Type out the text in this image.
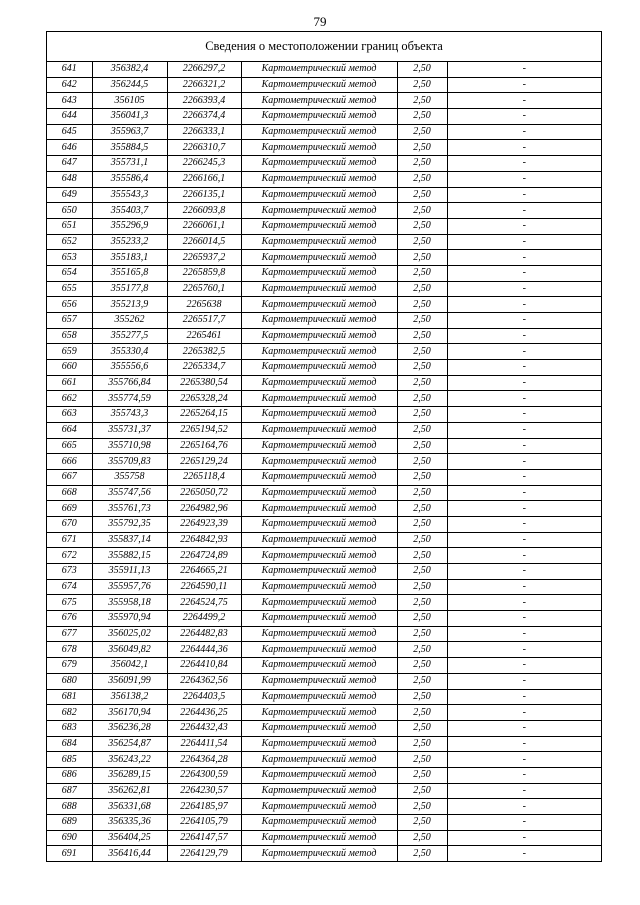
79
Сведения о местоположении границ объекта
641	356382,4	2266297,2	Картометрический метод	2,50	-
642	356244,5	2266321,2	Картометрический метод	2,50	-
643	356105	2266393,4	Картометрический метод	2,50	-
644	356041,3	2266374,4	Картометрический метод	2,50	-
645	355963,7	2266333,1	Картометрический метод	2,50	-
646	355884,5	2266310,7	Картометрический метод	2,50	-
647	355731,1	2266245,3	Картометрический метод	2,50	-
648	355586,4	2266166,1	Картометрический метод	2,50	-
649	355543,3	2266135,1	Картометрический метод	2,50	-
650	355403,7	2266093,8	Картометрический метод	2,50	-
651	355296,9	2266061,1	Картометрический метод	2,50	-
652	355233,2	2266014,5	Картометрический метод	2,50	-
653	355183,1	2265937,2	Картометрический метод	2,50	-
654	355165,8	2265859,8	Картометрический метод	2,50	-
655	355177,8	2265760,1	Картометрический метод	2,50	-
656	355213,9	2265638	Картометрический метод	2,50	-
657	355262	2265517,7	Картометрический метод	2,50	-
658	355277,5	2265461	Картометрический метод	2,50	-
659	355330,4	2265382,5	Картометрический метод	2,50	-
660	355556,6	2265334,7	Картометрический метод	2,50	-
661	355766,84	2265380,54	Картометрический метод	2,50	-
662	355774,59	2265328,24	Картометрический метод	2,50	-
663	355743,3	2265264,15	Картометрический метод	2,50	-
664	355731,37	2265194,52	Картометрический метод	2,50	-
665	355710,98	2265164,76	Картометрический метод	2,50	-
666	355709,83	2265129,24	Картометрический метод	2,50	-
667	355758	2265118,4	Картометрический метод	2,50	-
668	355747,56	2265050,72	Картометрический метод	2,50	-
669	355761,73	2264982,96	Картометрический метод	2,50	-
670	355792,35	2264923,39	Картометрический метод	2,50	-
671	355837,14	2264842,93	Картометрический метод	2,50	-
672	355882,15	2264724,89	Картометрический метод	2,50	-
673	355911,13	2264665,21	Картометрический метод	2,50	-
674	355957,76	2264590,11	Картометрический метод	2,50	-
675	355958,18	2264524,75	Картометрический метод	2,50	-
676	355970,94	2264499,2	Картометрический метод	2,50	-
677	356025,02	2264482,83	Картометрический метод	2,50	-
678	356049,82	2264444,36	Картометрический метод	2,50	-
679	356042,1	2264410,84	Картометрический метод	2,50	-
680	356091,99	2264362,56	Картометрический метод	2,50	-
681	356138,2	2264403,5	Картометрический метод	2,50	-
682	356170,94	2264436,25	Картометрический метод	2,50	-
683	356236,28	2264432,43	Картометрический метод	2,50	-
684	356254,87	2264411,54	Картометрический метод	2,50	-
685	356243,22	2264364,28	Картометрический метод	2,50	-
686	356289,15	2264300,59	Картометрический метод	2,50	-
687	356262,81	2264230,57	Картометрический метод	2,50	-
688	356331,68	2264185,97	Картометрический метод	2,50	-
689	356335,36	2264105,79	Картометрический метод	2,50	-
690	356404,25	2264147,57	Картометрический метод	2,50	-
691	356416,44	2264129,79	Картометрический метод	2,50	-
